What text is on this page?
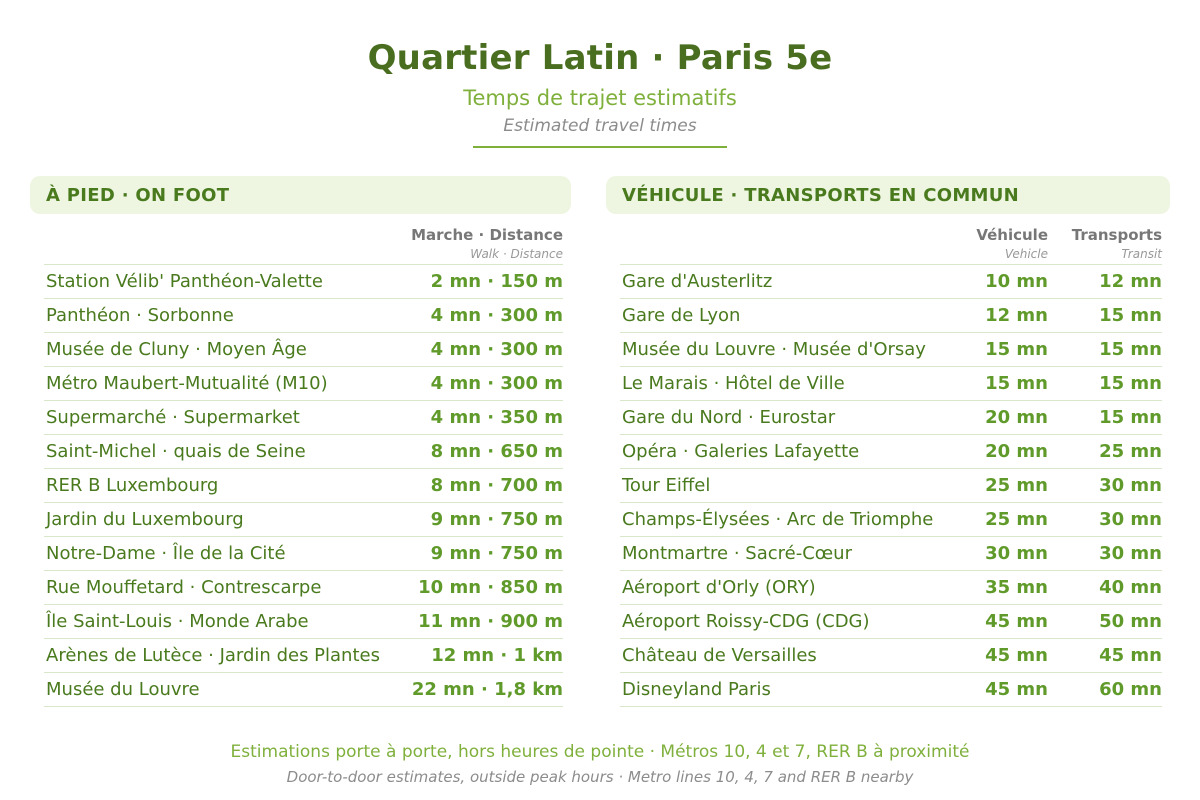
Quartier Latin · Paris 5e
Temps de trajet estimatifs
Estimated travel times
À PIED · ON FOOT
Marche · Distance
Walk · Distance
Station Vélib' Panthéon-Valette	2 mn · 150 m
Panthéon · Sorbonne	4 mn · 300 m
Musée de Cluny · Moyen Âge	4 mn · 300 m
Métro Maubert-Mutualité (M10)	4 mn · 300 m
Supermarché · Supermarket	4 mn · 350 m
Saint-Michel · quais de Seine	8 mn · 650 m
RER B Luxembourg	8 mn · 700 m
Jardin du Luxembourg	9 mn · 750 m
Notre-Dame · Île de la Cité	9 mn · 750 m
Rue Mouffetard · Contrescarpe	10 mn · 850 m
Île Saint-Louis · Monde Arabe	11 mn · 900 m
Arènes de Lutèce · Jardin des Plantes	12 mn · 1 km
Musée du Louvre	22 mn · 1,8 km
VÉHICULE · TRANSPORTS EN COMMUN
Véhicule
Vehicle
Transports
Transit
Gare d'Austerlitz	10 mn	12 mn
Gare de Lyon	12 mn	15 mn
Musée du Louvre · Musée d'Orsay	15 mn	15 mn
Le Marais · Hôtel de Ville	15 mn	15 mn
Gare du Nord · Eurostar	20 mn	15 mn
Opéra · Galeries Lafayette	20 mn	25 mn
Tour Eiffel	25 mn	30 mn
Champs-Élysées · Arc de Triomphe	25 mn	30 mn
Montmartre · Sacré-Cœur	30 mn	30 mn
Aéroport d'Orly (ORY)	35 mn	40 mn
Aéroport Roissy-CDG (CDG)	45 mn	50 mn
Château de Versailles	45 mn	45 mn
Disneyland Paris	45 mn	60 mn
Estimations porte à porte, hors heures de pointe · Métros 10, 4 et 7, RER B à proximité
Door-to-door estimates, outside peak hours · Metro lines 10, 4, 7 and RER B nearby
